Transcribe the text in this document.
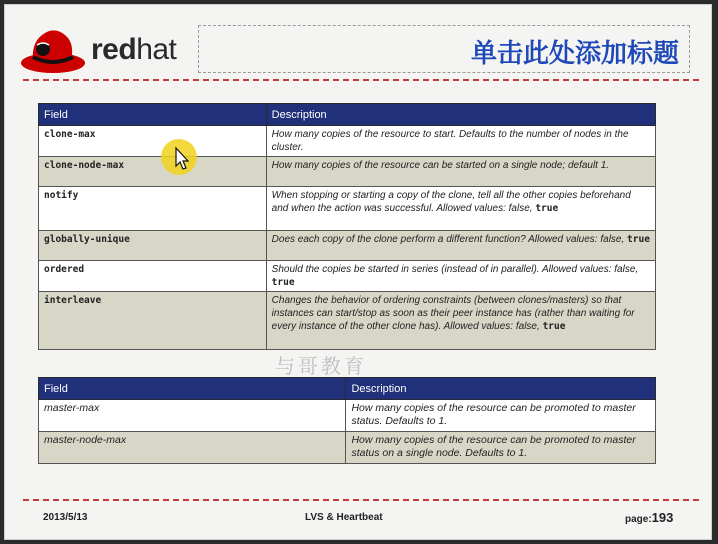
redhat	单击此处添加标题
Field	Description
clone-max	How many copies of the resource to start. Defaults to the number of nodes in the cluster.
clone-node-max	How many copies of the resource can be started on a single node; default 1.
notify	When stopping or starting a copy of the clone, tell all the other copies beforehand and when the action was successful. Allowed values: false, true
globally-unique	Does each copy of the clone perform a different function? Allowed values: false, true
ordered	Should the copies be started in series (instead of in parallel). Allowed values: false, true
interleave	Changes the behavior of ordering constraints (between clones/masters) so that instances can start/stop as soon as their peer instance has (rather than waiting for every instance of the other clone has). Allowed values: false, true
与哥教育
Field	Description
master-max	How many copies of the resource can be promoted to master status. Defaults to 1.
master-node-max	How many copies of the resource can be promoted to master status on a single node. Defaults to 1.
2013/5/13	LVS & Heartbeat	page:193
